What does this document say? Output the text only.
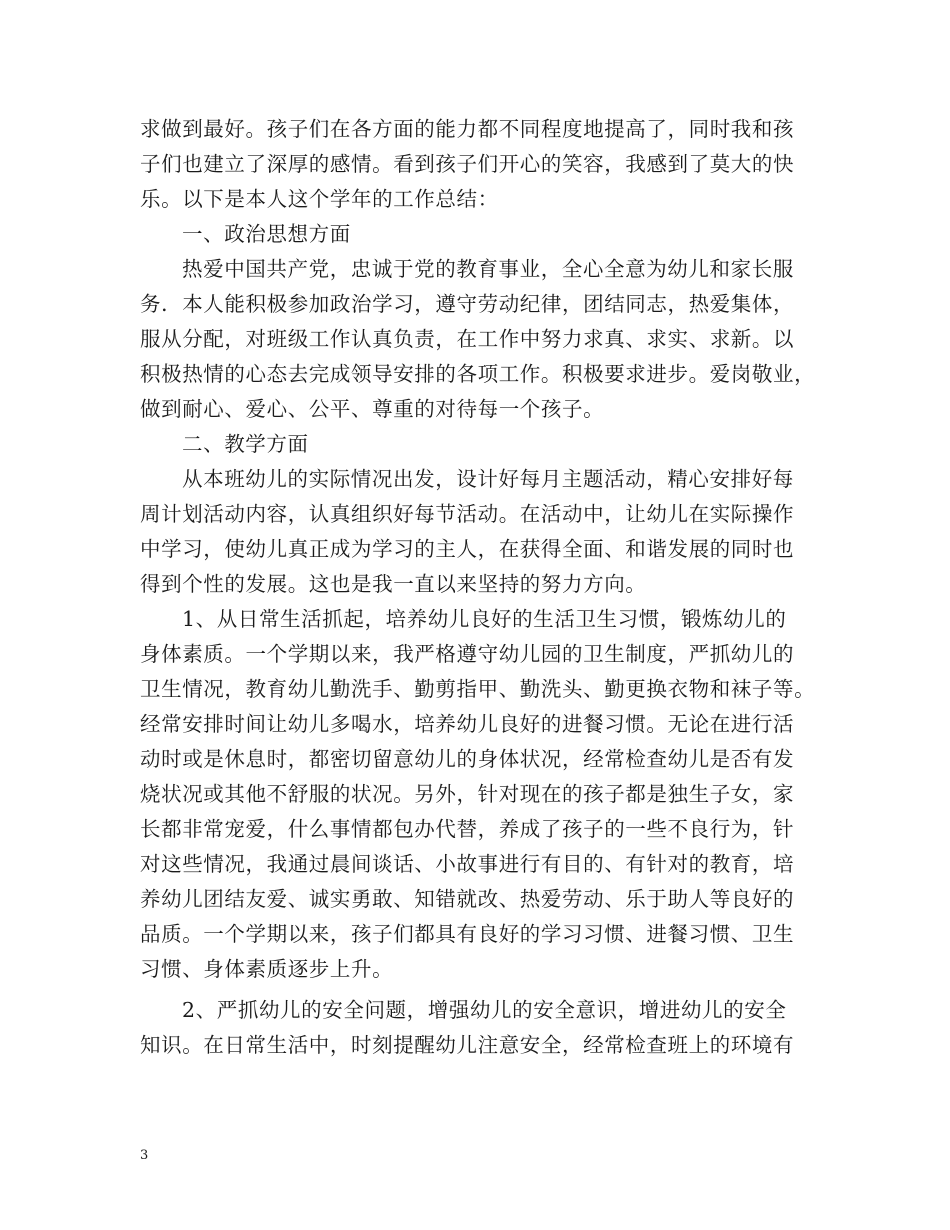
求做到最好。孩子们在各方面的能力都不同程度地提高了，同时我和孩
子们也建立了深厚的感情。看到孩子们开心的笑容，我感到了莫大的快
乐。以下是本人这个学年的工作总结：
一、政治思想方面
热爱中国共产党，忠诚于党的教育事业，全心全意为幼儿和家长服
务．本人能积极参加政治学习，遵守劳动纪律，团结同志，热爱集体，
服从分配，对班级工作认真负责，在工作中努力求真、求实、求新。以
积极热情的心态去完成领导安排的各项工作。积极要求进步。爱岗敬业，
做到耐心、爱心、公平、尊重的对待每一个孩子。
二、教学方面
从本班幼儿的实际情况出发，设计好每月主题活动，精心安排好每
周计划活动内容，认真组织好每节活动。在活动中，让幼儿在实际操作
中学习，使幼儿真正成为学习的主人，在获得全面、和谐发展的同时也
得到个性的发展。这也是我一直以来坚持的努力方向。
1、从日常生活抓起，培养幼儿良好的生活卫生习惯，锻炼幼儿的
身体素质。一个学期以来，我严格遵守幼儿园的卫生制度，严抓幼儿的
卫生情况，教育幼儿勤洗手、勤剪指甲、勤洗头、勤更换衣物和袜子等。
经常安排时间让幼儿多喝水，培养幼儿良好的进餐习惯。无论在进行活
动时或是休息时，都密切留意幼儿的身体状况，经常检查幼儿是否有发
烧状况或其他不舒服的状况。另外，针对现在的孩子都是独生子女，家
长都非常宠爱，什么事情都包办代替，养成了孩子的一些不良行为，针
对这些情况，我通过晨间谈话、小故事进行有目的、有针对的教育，培
养幼儿团结友爱、诚实勇敢、知错就改、热爱劳动、乐于助人等良好的
品质。一个学期以来，孩子们都具有良好的学习习惯、进餐习惯、卫生
习惯、身体素质逐步上升。
2、严抓幼儿的安全问题，增强幼儿的安全意识，增进幼儿的安全
知识。在日常生活中，时刻提醒幼儿注意安全，经常检查班上的环境有
3
